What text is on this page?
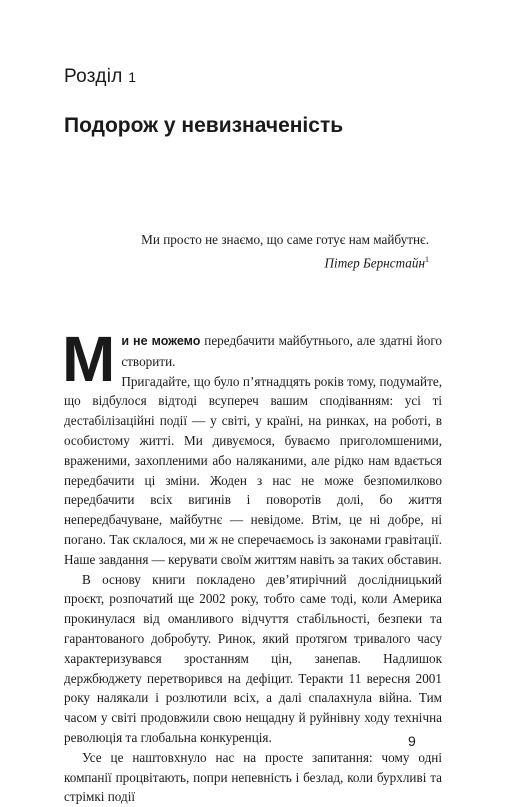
Розділ 1
Подорож у невизначеність
Ми просто не знаємо, що саме готує нам майбутнє.
Пітер Бернстайн$^1$

Ми не можемо передбачити майбутнього, але здатні його створити.

Пригадайте, що було п’ятнадцять років тому, подумайте, що відбулося відтоді всупереч вашим сподіванням: усі ті дестабілізаційні події — у світі, у країні, на ринках, на роботі, в особистому житті. Ми дивуємося, буваємо приголомшеними, враженими, захопленими або наляканими, але рідко нам вдається передбачити ці зміни. Жоден з нас не може безпомилково передбачити всіх вигинів і поворотів долі, бо життя непередбачуване, майбутнє — невідоме. Втім, це ні добре, ні погано. Так склалося, ми ж не сперечаємось із законами гравітації. Наше завдання — керувати своїм життям навіть за таких обставин.

В основу книги покладено дев’ятирічний дослідницький проєкт, розпочатий ще 2002 року, тобто саме тоді, коли Америка прокинулася від оманливого відчуття стабільності, безпеки та гарантованого добробуту. Ринок, який протягом тривалого часу характеризувався зростанням цін, занепав. Надлишок держбюджету перетворився на дефіцит. Теракти 11 вересня 2001 року налякали і розлютили всіх, а далі спалахнула війна. Тим часом у світі продовжили свою нещадну й руйнівну ходу технічна революція та глобальна конкуренція.

Усе це наштовхнуло нас на просте запитання: чому одні компанії процвітають, попри непевність і безлад, коли бурхливі та стрімкі події

9
